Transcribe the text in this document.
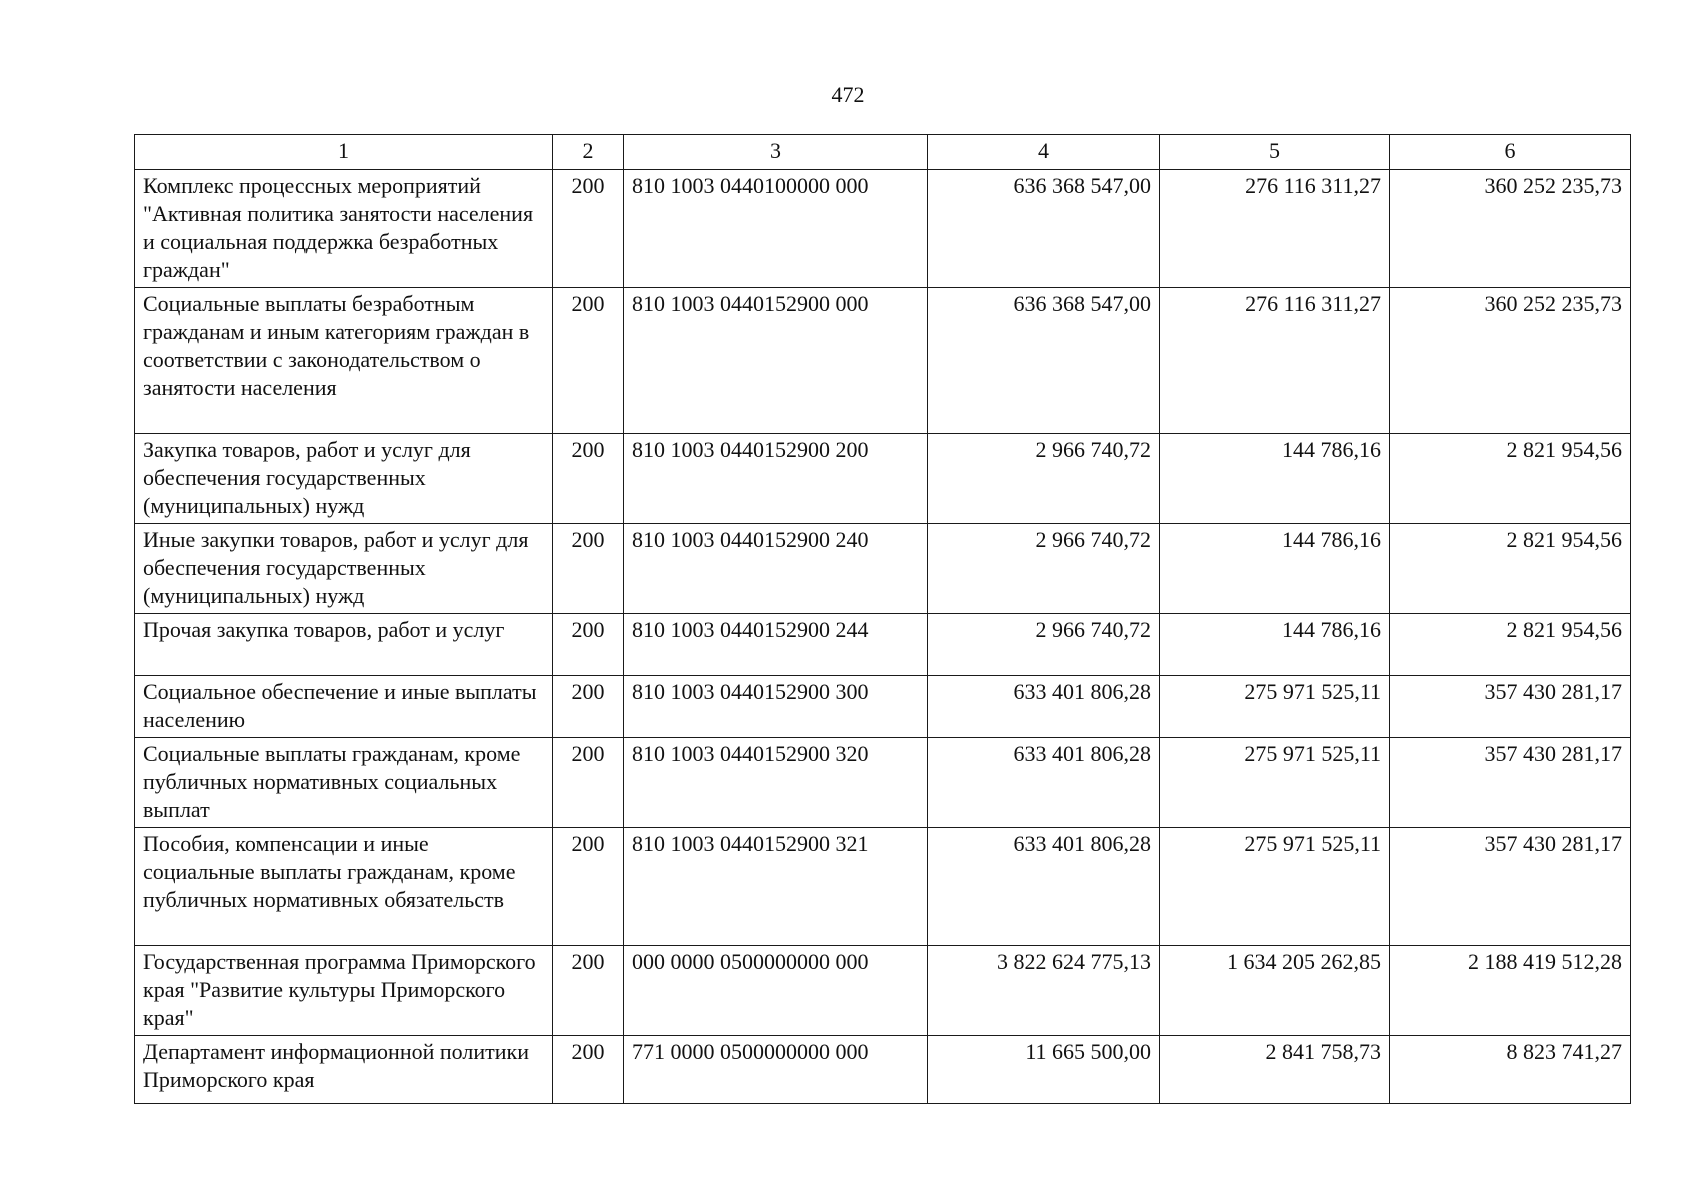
472
1	2	3	4	5	6
Комплекс процессных мероприятий "Активная политика занятости населения и социальная поддержка безработных граждан"	200	810 1003 0440100000 000	636 368 547,00	276 116 311,27	360 252 235,73
Социальные выплаты безработным гражданам и иным категориям граждан в соответствии с законодательством о занятости населения	200	810 1003 0440152900 000	636 368 547,00	276 116 311,27	360 252 235,73
Закупка товаров, работ и услуг для обеспечения государственных (муниципальных) нужд	200	810 1003 0440152900 200	2 966 740,72	144 786,16	2 821 954,56
Иные закупки товаров, работ и услуг для обеспечения государственных (муниципальных) нужд	200	810 1003 0440152900 240	2 966 740,72	144 786,16	2 821 954,56
Прочая закупка товаров, работ и услуг	200	810 1003 0440152900 244	2 966 740,72	144 786,16	2 821 954,56
Социальное обеспечение и иные выплаты населению	200	810 1003 0440152900 300	633 401 806,28	275 971 525,11	357 430 281,17
Социальные выплаты гражданам, кроме публичных нормативных социальных выплат	200	810 1003 0440152900 320	633 401 806,28	275 971 525,11	357 430 281,17
Пособия, компенсации и иные социальные выплаты гражданам, кроме публичных нормативных обязательств	200	810 1003 0440152900 321	633 401 806,28	275 971 525,11	357 430 281,17
Государственная программа Приморского края "Развитие культуры Приморского края"	200	000 0000 0500000000 000	3 822 624 775,13	1 634 205 262,85	2 188 419 512,28
Департамент информационной политики Приморского края	200	771 0000 0500000000 000	11 665 500,00	2 841 758,73	8 823 741,27
